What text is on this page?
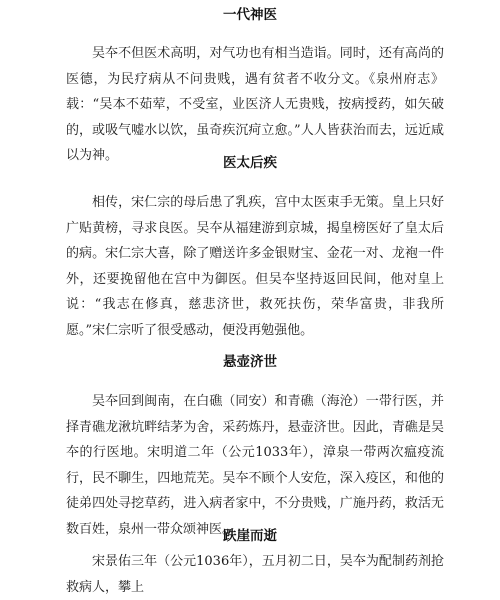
一代神医

吴夲不但医术高明，对气功也有相当造诣。同时，还有高尚的医德，为民疗病从不问贵贱，遇有贫者不收分文。《泉州府志》载：“吴本不茹荤，不受室，业医济人无贵贱，按病授药，如矢破的，或吸气嘘水以饮，虽奇疾沉疴立愈。”人人皆获治而去，远近咸以为神。	医太后疾

相传，宋仁宗的母后患了乳疾，宫中太医束手无策。皇上只好广贴黄榜，寻求良医。吴夲从福建游到京城，揭皇榜医好了皇太后的病。宋仁宗大喜，除了赠送许多金银财宝、金花一对、龙袍一件外，还要挽留他在宫中为御医。但吴夲坚持返回民间，他对皇上说：“我志在修真，慈悲济世，救死扶伤，荣华富贵，非我所愿。”宋仁宗听了很受感动，便没再勉强他。

悬壶济世

吴夲回到闽南，在白礁（同安）和青礁（海沧）一带行医，并择青礁龙湫坑畔结茅为舍，采药炼丹，悬壶济世。因此，青礁是吴夲的行医地。宋明道二年（公元1033年），漳泉一带两次瘟疫流行，民不聊生，四地荒芜。吴夲不顾个人安危，深入疫区，和他的徒弟四处寻挖草药，进入病者家中，不分贵贱，广施丹药，救活无数百姓，泉州一带众颂神医。

跌崖而逝

宋景佑三年（公元1036年），五月初二日，吴夲为配制药剂抢救病人，攀上
